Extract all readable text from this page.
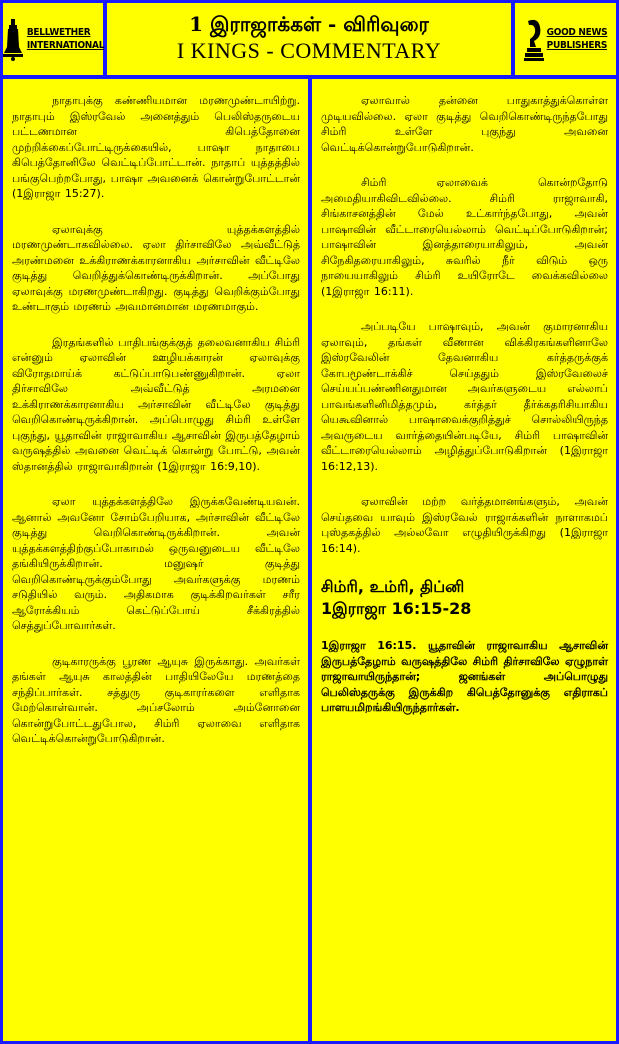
BELLWETHER
INTERNATIONAL
1 இராஜாக்கள் - விரிவுரை
I KINGS - COMMENTARY
GOOD NEWS
PUBLISHERS

நாதாபுக்கு கண்ணியமான மரணமுண்டாயிற்று. நாதாபும் இஸ்ரவேல் அனைத்தும் பெலிஸ்தருடைய பட்டணமான கிபெத்தோனை முற்றிக்கைப்போட்டிருக்கையில், பாஷா நாதாபை கிபெத்தோனிலே வெட்டிப்போட்டான். நாதாப் யுத்தத்தில் பங்குபெற்றபோது, பாஷா அவனைக் கொன்றுபோட்டான் (1இராஜா 15:27).

ஏலாவுக்கு யுத்தக்களத்தில் மரணமுண்டாகவில்லை. ஏலா திர்சாவிலே அவ்வீட்டுத் அரண்மனை உக்கிராணக்காரனாகிய அர்சாவின் வீட்டிலே குடித்து வெறித்துக்கொண்டிருக்கிறான். அப்போது ஏலாவுக்கு மரணமுண்டாகிறது. குடித்து வெறிக்கும்போது உண்டாகும் மரணம் அவமானமான மரணமாகும்.

இரதங்களில் பாதிபங்குக்குத் தலைவனாகிய சிம்ரி என்னும் ஏலாவின் ஊழியக்காரன் ஏலாவுக்கு விரோதமாய்க் கட்டுப்பாடுபண்ணுகிறான். ஏலா திர்சாவிலே அவ்வீட்டுத் அரமனை உக்கிராணக்காரனாகிய அர்சாவின் வீட்டிலே குடித்து வெறிகொண்டிருக்கிறான். அப்பொழுது சிம்ரி உள்ளே புகுந்து, யூதாவின் ராஜாவாகிய ஆசாவின் இருபத்தேழாம் வருஷத்தில் அவனை வெட்டிக் கொன்று போட்டு, அவன் ஸ்தானத்தில் ராஜாவாகிறான் (1இராஜா 16:9,10).

ஏலா யுத்தக்களத்திலே இருக்கவேண்டியவன். ஆனால் அவனோ சோம்பேறியாக, அர்சாவின் வீட்டிலே குடித்து வெறிகொண்டிருக்கிறான். அவன் யுத்தக்களத்திற்குப்போகாமல் ஒருவனுடைய வீட்டிலே தங்கியிருக்கிறான். மனுஷர் குடித்து வெறிகொண்டிருக்கும்போது அவர்களுக்கு மரணம் சடுதியில் வரும். அதிகமாக குடிக்கிறவர்கள் சரீர ஆரோக்கியம் கெட்டுப்போய் சீக்கிரத்தில் செத்துப்போவார்கள்.

குடிகாரருக்கு பூரண ஆயுசு இருக்காது. அவர்கள் தங்கள் ஆயுசு காலத்தின் பாதியிலேயே மரணத்தை சந்திப்பார்கள். சத்துரு குடிகாரர்களை எளிதாக மேற்கொள்வான். அப்சலோம் அம்னோனை கொன்றுபோட்டதுபோல, சிம்ரி ஏலாவை எளிதாக வெட்டிக்கொன்றுபோடுகிறான்.

ஏலாவால் தன்னை பாதுகாத்துக்கொள்ள முடியவில்லை. ஏலா குடித்து வெறிகொண்டிருந்தபோது சிம்ரி உள்ளே புகுந்து அவனை வெட்டிக்கொன்றுபோடுகிறான்.

சிம்ரி ஏலாவைக் கொன்றதோடு அமைதியாகிவிடவில்லை. சிம்ரி ராஜாவாகி, சிங்காசனத்தின் மேல் உட்கார்ந்தபோது, அவன் பாஷாவின் வீட்டாரையெல்லாம் வெட்டிப்போடுகிறான்; பாஷாவின் இனத்தாரையாகிலும், அவன் சிநேகிதரையாகிலும், சுவரில் நீர் விடும் ஒரு நாயையாகிலும் சிம்ரி உயிரோடே வைக்கவில்லை (1இராஜா 16:11).

அப்படியே பாஷாவும், அவன் குமாரனாகிய ஏலாவும், தங்கள் வீணான விக்கிரகங்களினாலே இஸ்ரவேலின் தேவனாகிய கர்த்தருக்குக் கோபமூண்டாக்கிச் செய்ததும் இஸ்ரவேலைச் செய்யப்பண்ணினதுமான அவர்களுடைய எல்லாப் பாவங்களினிமித்தமும், கர்த்தர் தீர்க்கதரிசியாகிய யெகூவினால் பாஷாவைக்குறித்துச் சொல்லியிருந்த அவருடைய வார்த்தையின்படியே, சிம்ரி பாஷாவின் வீட்டாரையெல்லாம் அழித்துப்போடுகிறான் (1இராஜா 16:12,13).

ஏலாவின் மற்ற வர்த்தமானங்களும், அவன் செய்தவை யாவும் இஸ்ரவேல் ராஜாக்களின் நாளாகமப் புஸ்தகத்தில் அல்லவோ எழுதியிருக்கிறது (1இராஜா 16:14).

சிம்ரி, உம்ரி, திப்னி
1இராஜா 16:15-28

1இராஜா 16:15. யூதாவின் ராஜாவாகிய ஆசாவின் இருபத்தேழாம் வருஷத்திலே சிம்ரி திர்சாவிலே ஏழுநாள் ராஜாவாயிருந்தான்; ஜனங்கள் அப்பொழுது பெலிஸ்தருக்கு இருக்கிற கிபெத்தோனுக்கு எதிராகப் பாளயமிறங்கியிருந்தார்கள்.
